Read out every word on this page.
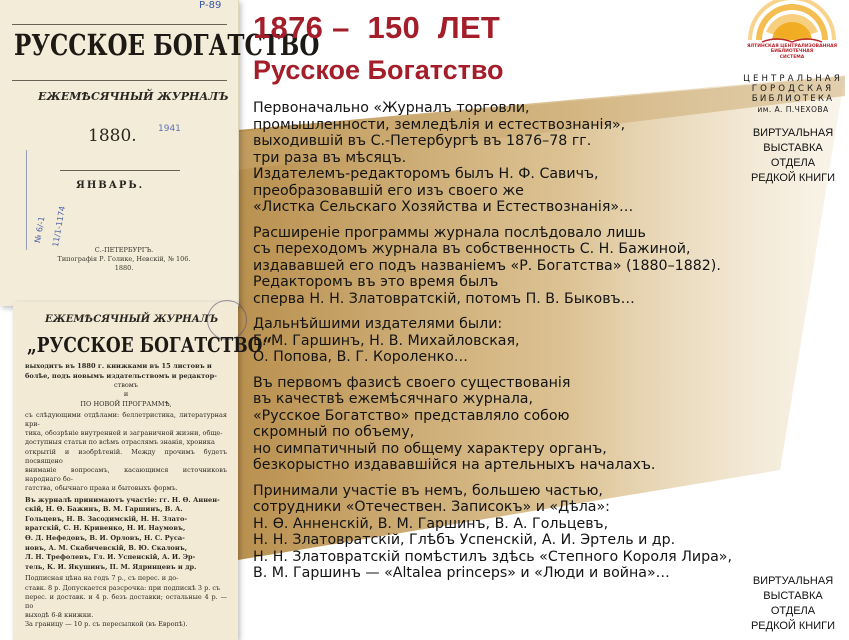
Р-89
РУССКОЕ БОГАТСТВО
ЕЖЕМѢСЯЧНЫЙ ЖУРНАЛЪ
1941
1880.
ЯНВАРЬ.
№ 6/-1 11/1-1174
С.-ПЕТЕРБУРГЪ.
Типографія Р. Голике, Невскій, № 106.
1880.
ЕЖЕМѢСЯЧНЫЙ ЖУРНАЛЪ
„РУССКОЕ БОГАТСТВО“

выходитъ въ 1880 г. книжками въ 15 листовъ и
болѣе, подъ новымъ издательствомъ и редактор-
ствомъ
и
ПО НОВОЙ ПРОГРАММѢ,

съ слѣдующими отдѣлами: беллетристика, литературная кри-
тика, обозрѣніе внутренней и заграничной жизни, обще-
доступныя статьи по всѣмъ отраслямъ знанія, хроника
открытій и изобрѣтеній. Между прочимъ будетъ посвящено
вниманіе вопросамъ, касающимся источниковъ народнаго бо-
гатства, обычнаго права и бытовыхъ формъ.

Въ журналѣ принимаютъ участіе: гг. Н. Ѳ. Аннен-
скій, Н. Ѳ. Бажинъ, В. М. Гаршинъ, В. А.
Гольцевъ, Н. В. Засодимскій, Н. Н. Злато-
вратскій, С. Н. Кривенко, Н. И. Наумовъ,
Ѳ. Д. Нефедовъ, В. И. Орловъ, Н. С. Русa-
новъ, А. М. Скабичевскій, В. Ю. Скалонъ,
Л. Н. Трефолевъ, Гл. И. Успенскій, А. И. Эр-
тель, К. И. Якушинъ, П. М. Ядринцевъ и др.

Подписная цѣна на годъ 7 р., съ перес. и до-
ставк. 8 р. Допускается разсрочка: при подпискѣ 3 р. съ
перес. и доставк. и 4 р. безъ доставки; остальные 4 р. — по
выходѣ 6-й книжки.
За границу — 10 р. съ пересылкой (въ Европѣ).

1876 –  150  ЛЕТ
Русское Богатство
Первоначально «Журналъ торговли,
промышленности, земледѣлія и естествознанія»,
выходившій въ С.-Петербургѣ въ 1876–78 гг.
три раза въ мѣсяцъ.
Издателемъ-редакторомъ былъ Н. Ф. Савичъ,
преобразовавшій его изъ своего же
«Листка Сельскаго Хозяйства и Естествознанія»…
Расширеніе программы журнала послѣдовало лишь
съ переходомъ журнала въ собственность С. Н. Бажиной,
издававшей его подъ названіемъ «Р. Богатства» (1880–1882).
Редакторомъ въ это время былъ
сперва Н. Н. Златовратскій, потомъ П. В. Быковъ…
Дальнѣйшими издателями были:
Е. М. Гаршинъ, Н. В. Михайловская,
О. Попова, В. Г. Короленко…
Въ первомъ фазисѣ своего существованія
въ качествѣ ежемѣсячнаго журнала,
«Русское Богатство» представляло собою
скромный по объему,
но симпатичный по общему характеру органъ,
безкорыстно издававшійся на артельныхъ началахъ.
Принимали участіе въ немъ, большею частью,
сотрудники «Отечествен. Записокъ» и «Дѣла»:
Н. Ѳ. Анненскій, В. М. Гаршинъ, В. А. Гольцевъ,
Н. Н. Златовратскій, Глѣбъ Успенскій, А. И. Эртель и др.
Н. Н. Златовратскій помѣстилъ здѣсь «Степного Короля Лира»,
В. М. Гаршинъ — «Altalea princeps» и «Люди и война»…
ЯЛТИНСКАЯ ЦЕНТРАЛИЗОВАННАЯ
БИБЛИОТЕЧНАЯ
СИСТЕМА
ЦЕНТРАЛЬНАЯ
ГОРОДСКАЯ
БИБЛИОТЕКА
им. А. П.ЧЕХОВА
ВИРТУАЛЬНАЯ
ВЫСТАВКА
ОТДЕЛА
РЕДКОЙ КНИГИ
ВИРТУАЛЬНАЯ
ВЫСТАВКА
ОТДЕЛА
РЕДКОЙ КНИГИ
